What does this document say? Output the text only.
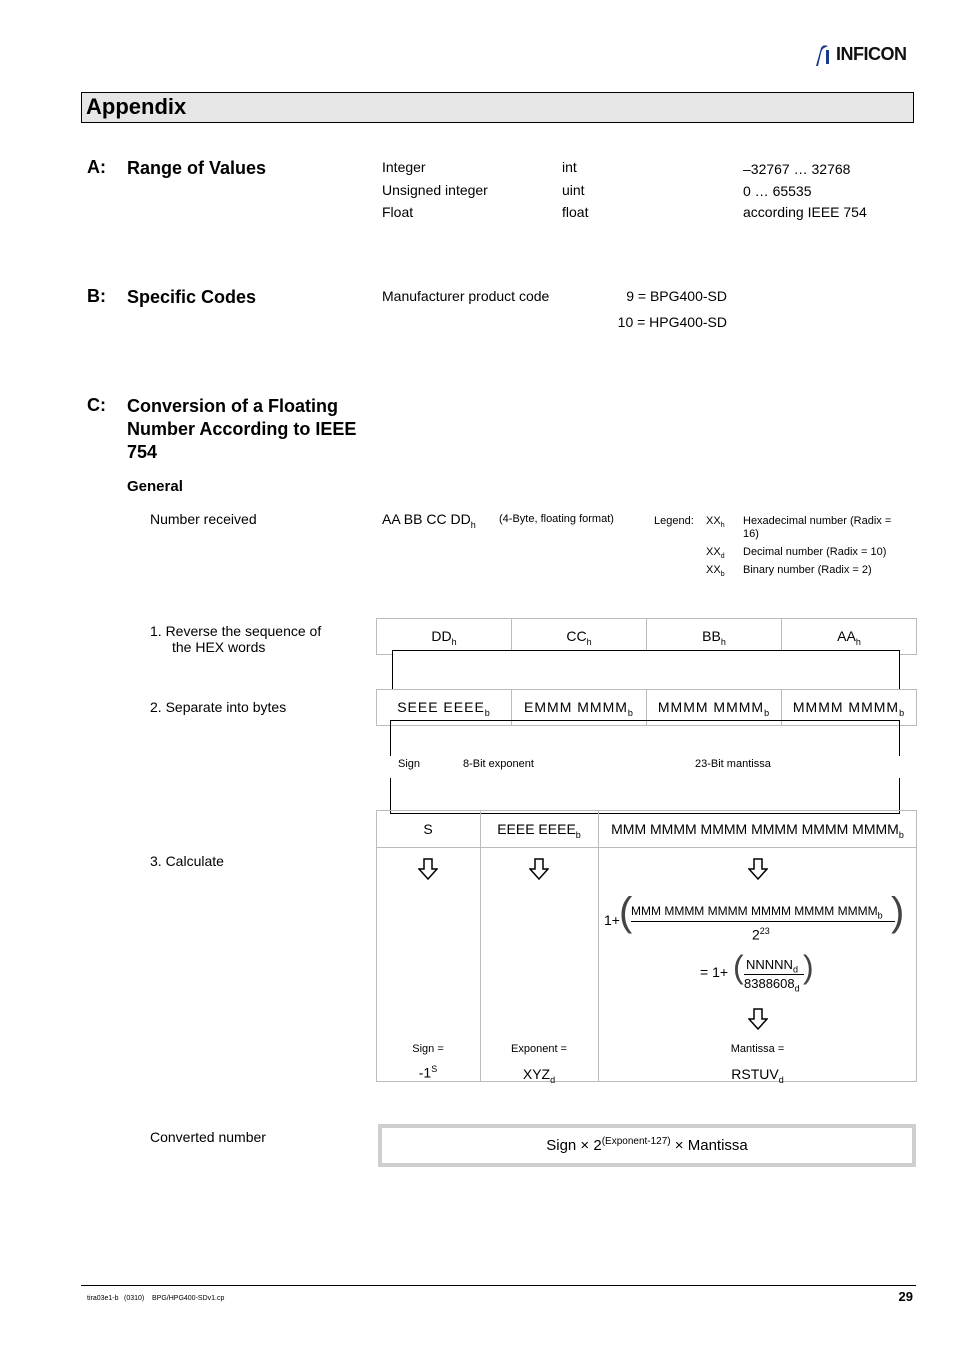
INFICON
Appendix
A: Range of Values	Integer	int	–32767 … 32768
Unsigned integer	uint	0 … 65535
Float	float	according IEEE 754
B: Specific Codes	Manufacturer product code	9 = BPG400-SD
10 = HPG400-SD
C: Conversion of a Floating Number According to IEEE 754
General
Number received	AA BB CC $DD_h$ (4-Byte, floating format)	Legend: $XX_h$ Hexadecimal number (Radix = 16)
$XX_d$ Decimal number (Radix = 10)
$XX_b$ Binary number (Radix = 2)
1. Reverse the sequence of
the HEX words
2. Separate into bytes
3. Calculate
$DD_h$	$CC_h$	$BB_h$	$AA_h$
SEEE $EEEE_b$	EMMM $MMMM_b$	MMMM $MMMM_b$	MMMM $MMMM_b$
Sign	8-Bit exponent	23-Bit mantissa
S	EEEE $EEEE_b$	MMM MMMM MMMM MMMM MMMM $MMMM_b$
1+ (
MMM MMMM MMMM MMMM MMMM $MMMM_b$
$2^{23}$	)
= 1+ ( $NNNNN_d$
$8388608_d$
)
Sign =
$-1^S$
Exponent =
$XYZ_d$
Mantissa =
$RSTUV_d$
Converted number	Sign × $2^{(Exponent-127)}$ × Mantissa
tira03e1-b (0310) BPG/HPG400-SDv1.cp	29
